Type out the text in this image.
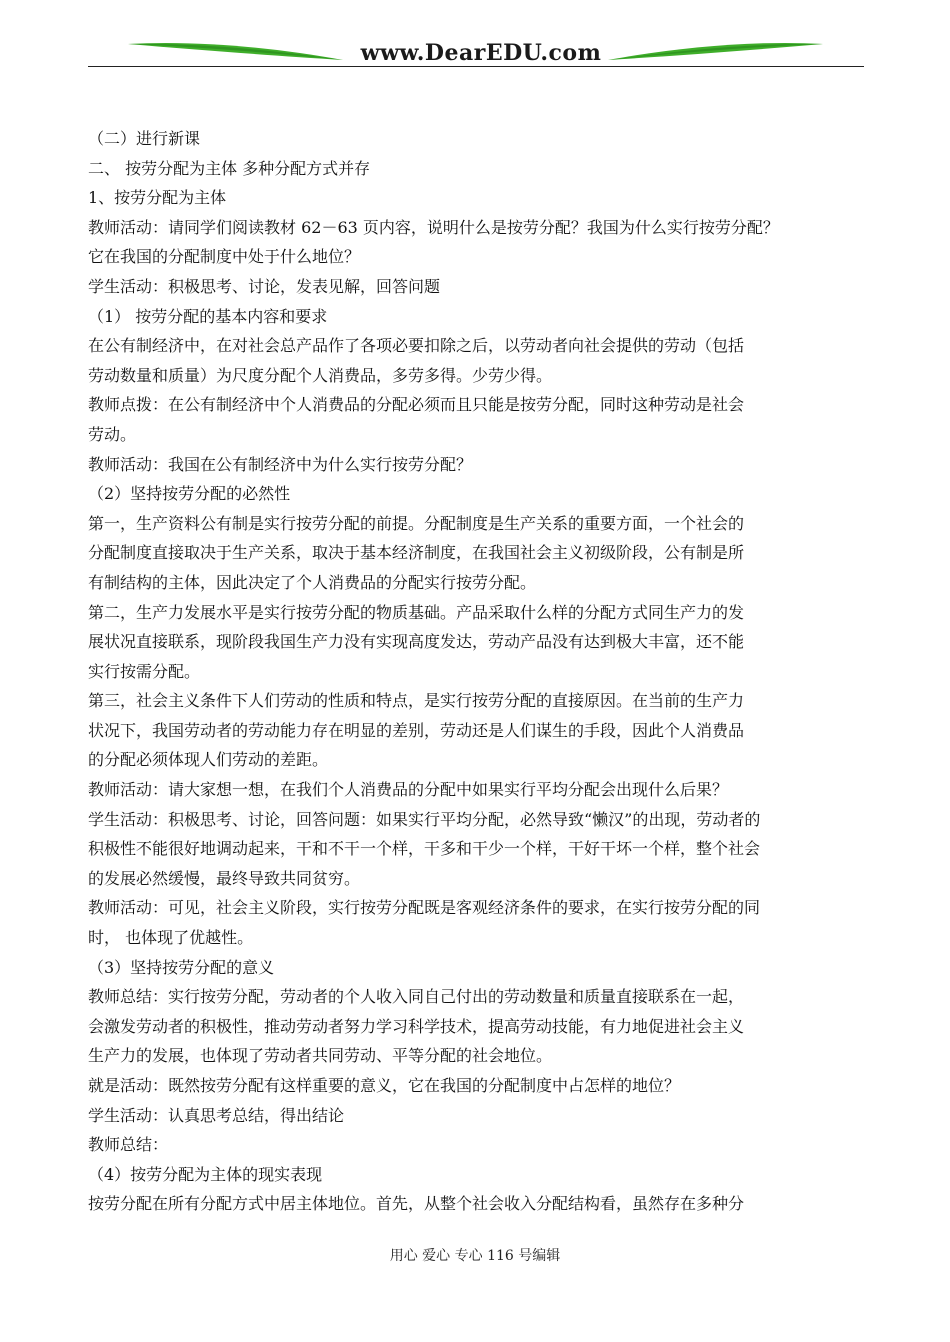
www.DearEDU.com
（二）进行新课
二、 按劳分配为主体 多种分配方式并存
1、按劳分配为主体
教师活动：请同学们阅读教材 62－63 页内容，说明什么是按劳分配？我国为什么实行按劳分配？
它在我国的分配制度中处于什么地位？
学生活动：积极思考、讨论，发表见解，回答问题
（1） 按劳分配的基本内容和要求
在公有制经济中，在对社会总产品作了各项必要扣除之后，以劳动者向社会提供的劳动（包括
劳动数量和质量）为尺度分配个人消费品，多劳多得。少劳少得。
教师点拨：在公有制经济中个人消费品的分配必须而且只能是按劳分配，同时这种劳动是社会
劳动。
教师活动：我国在公有制经济中为什么实行按劳分配？
（2）坚持按劳分配的必然性
第一，生产资料公有制是实行按劳分配的前提。分配制度是生产关系的重要方面，一个社会的
分配制度直接取决于生产关系，取决于基本经济制度，在我国社会主义初级阶段，公有制是所
有制结构的主体，因此决定了个人消费品的分配实行按劳分配。
第二，生产力发展水平是实行按劳分配的物质基础。产品采取什么样的分配方式同生产力的发
展状况直接联系，现阶段我国生产力没有实现高度发达，劳动产品没有达到极大丰富，还不能
实行按需分配。
第三，社会主义条件下人们劳动的性质和特点，是实行按劳分配的直接原因。在当前的生产力
状况下，我国劳动者的劳动能力存在明显的差别，劳动还是人们谋生的手段，因此个人消费品
的分配必须体现人们劳动的差距。
教师活动：请大家想一想，在我们个人消费品的分配中如果实行平均分配会出现什么后果？
学生活动：积极思考、讨论，回答问题：如果实行平均分配，必然导致“懒汉”的出现，劳动者的
积极性不能很好地调动起来，干和不干一个样，干多和干少一个样，干好干坏一个样，整个社会
的发展必然缓慢，最终导致共同贫穷。
教师活动：可见，社会主义阶段，实行按劳分配既是客观经济条件的要求，在实行按劳分配的同
时， 也体现了优越性。
（3）坚持按劳分配的意义
教师总结：实行按劳分配，劳动者的个人收入同自己付出的劳动数量和质量直接联系在一起，
会激发劳动者的积极性，推动劳动者努力学习科学技术，提高劳动技能，有力地促进社会主义
生产力的发展，也体现了劳动者共同劳动、平等分配的社会地位。
就是活动：既然按劳分配有这样重要的意义，它在我国的分配制度中占怎样的地位？
学生活动：认真思考总结，得出结论
教师总结：
（4）按劳分配为主体的现实表现
按劳分配在所有分配方式中居主体地位。首先，从整个社会收入分配结构看，虽然存在多种分
用心 爱心 专心 116 号编辑
